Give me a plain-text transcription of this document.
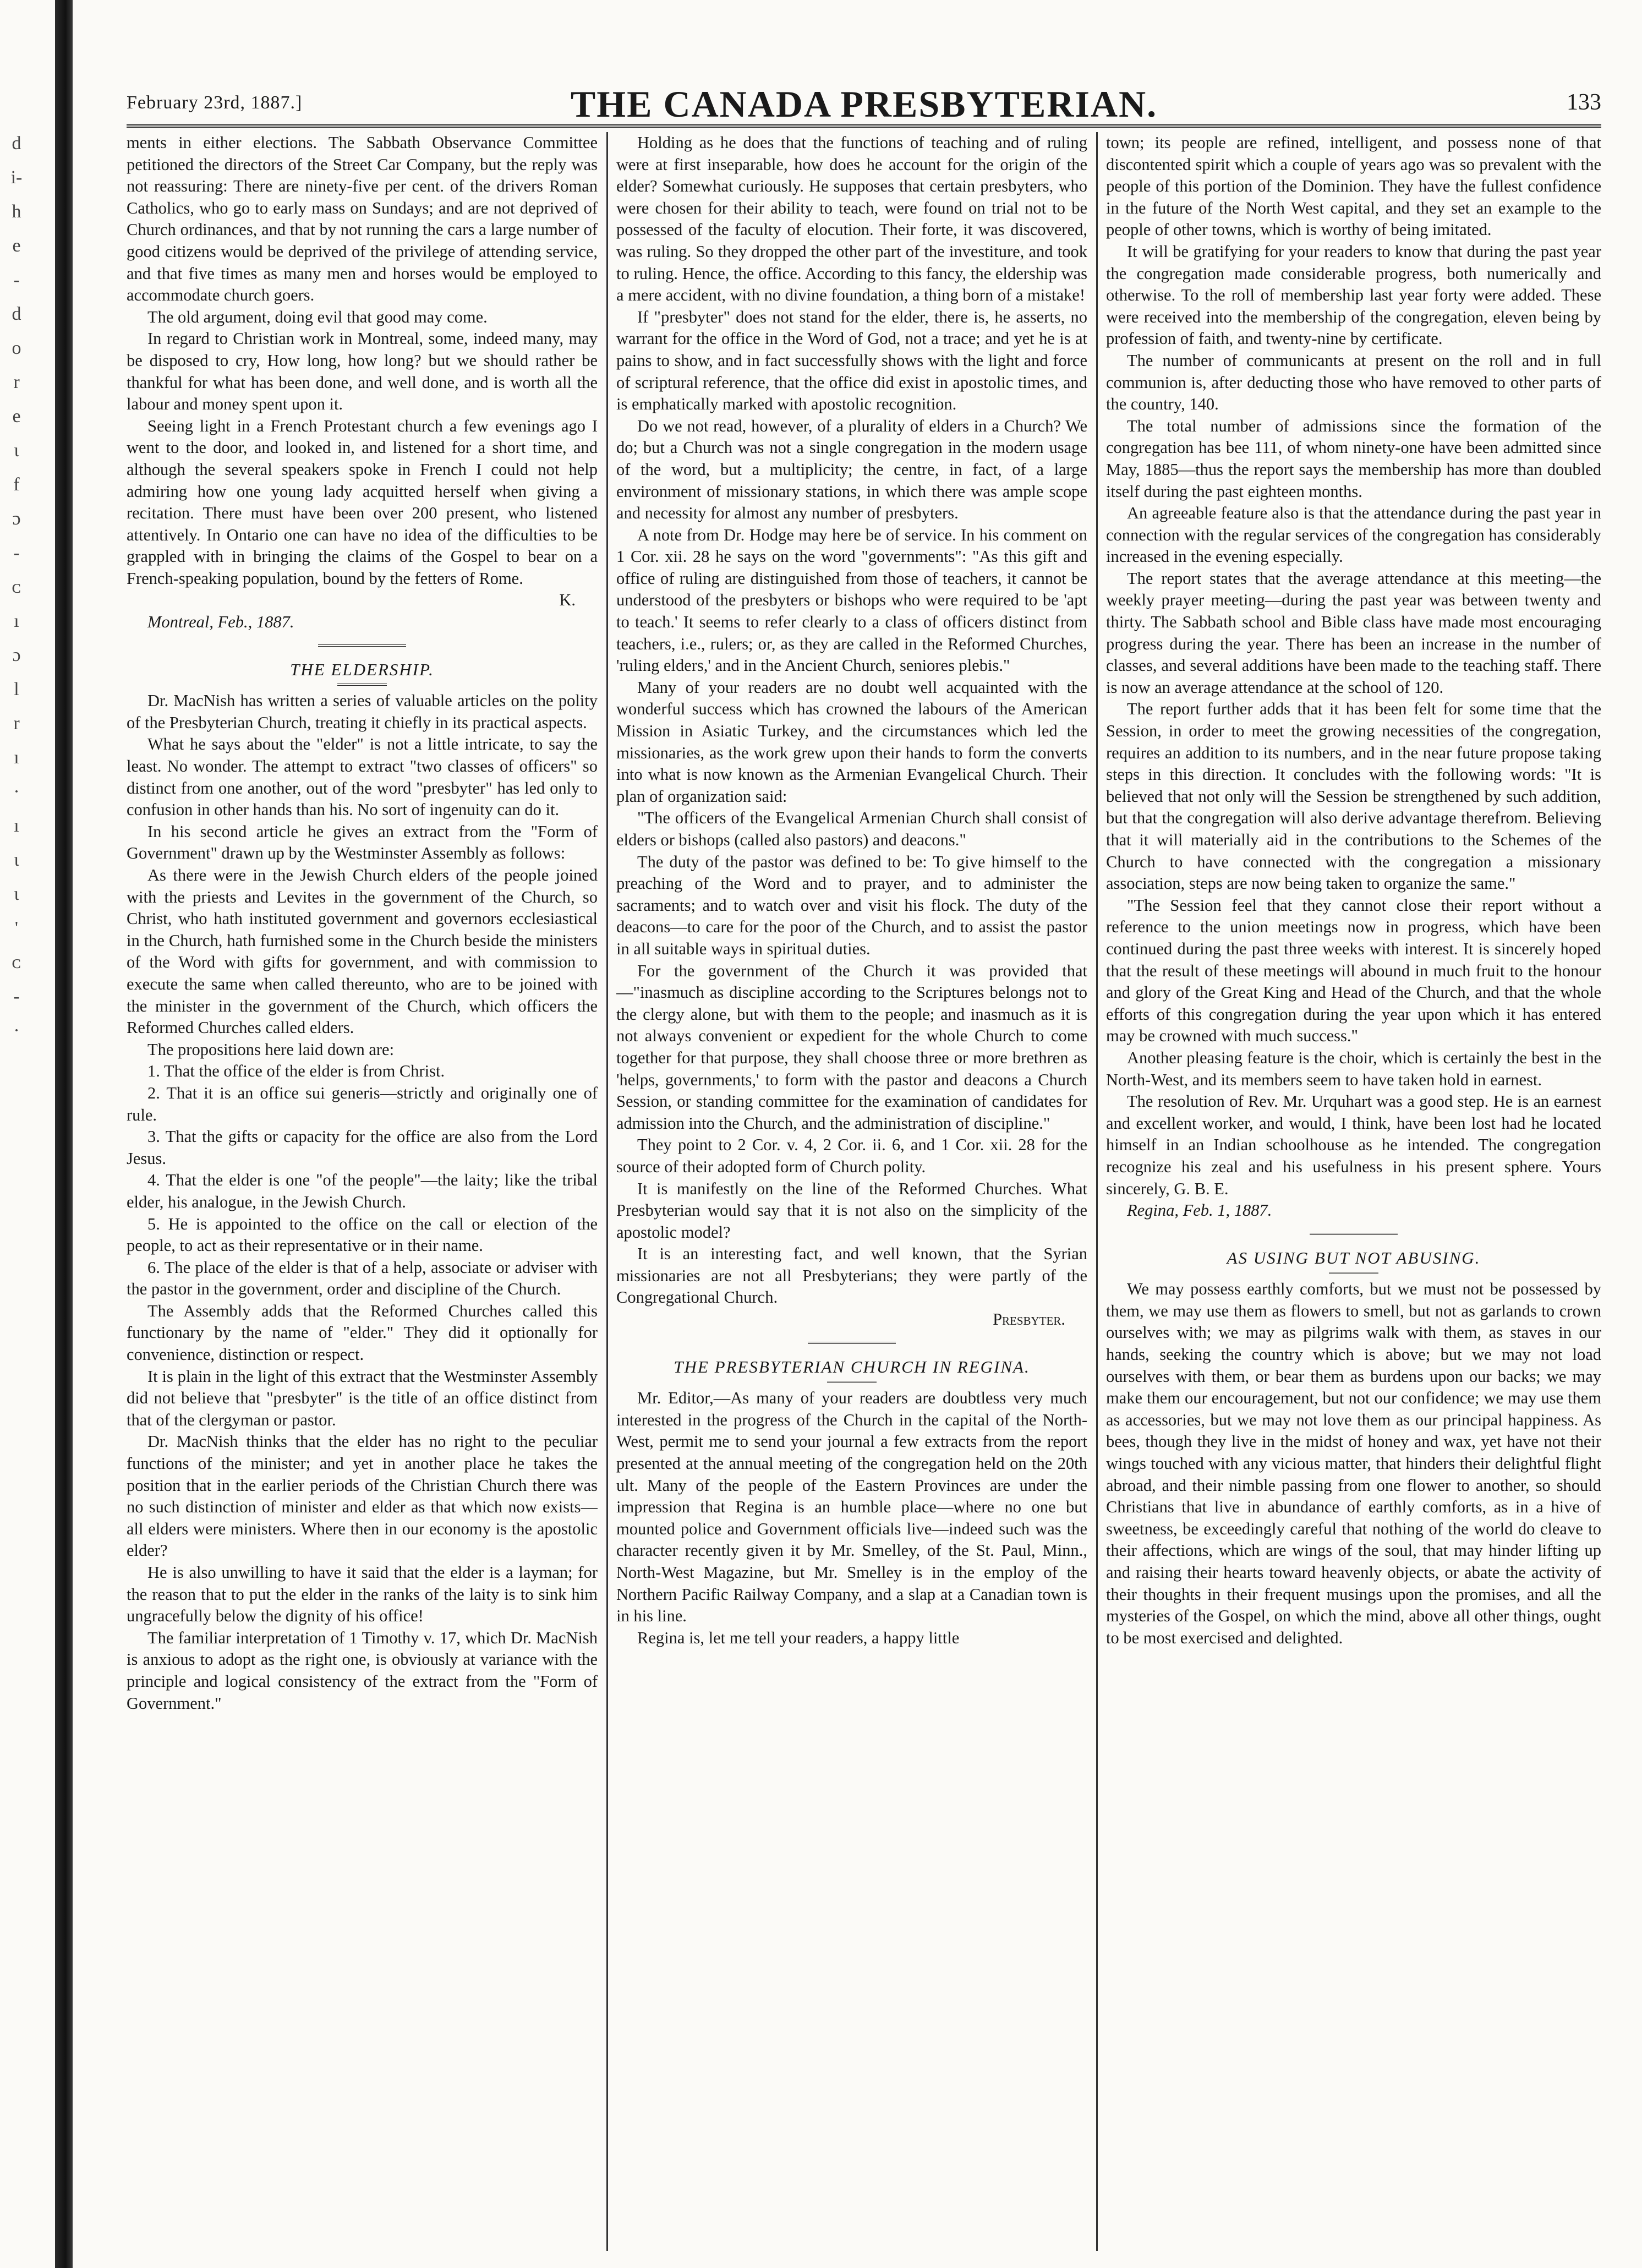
d
i-
h
e
-
d
o
r
e
ɩ
f
ɔ
-
ᴄ
ı
ɔ
l
r
ı
·
ı
ɩ
ɩ
'
ᴄ
-
·
February 23rd, 1887.]	THE CANADA PRESBYTERIAN.	133

ments in either elections. The Sabbath Observance Committee petitioned the directors of the Street Car Company, but the reply was not reassuring: There are ninety-five per cent. of the drivers Roman Catholics, who go to early mass on Sundays; and are not deprived of Church ordinances, and that by not running the cars a large number of good citizens would be deprived of the privilege of attending service, and that five times as many men and horses would be employed to accommodate church goers.

The old argument, doing evil that good may come.

In regard to Christian work in Montreal, some, indeed many, may be disposed to cry, How long, how long? but we should rather be thankful for what has been done, and well done, and is worth all the labour and money spent upon it.

Seeing light in a French Protestant church a few evenings ago I went to the door, and looked in, and listened for a short time, and although the several speakers spoke in French I could not help admiring how one young lady acquitted herself when giving a recitation. There must have been over 200 present, who listened attentively. In Ontario one can have no idea of the difficulties to be grappled with in bringing the claims of the Gospel to bear on a French-speaking population, bound by the fetters of Rome.

K.

Montreal, Feb., 1887.

THE ELDERSHIP.

Dr. MacNish has written a series of valuable articles on the polity of the Presbyterian Church, treating it chiefly in its practical aspects.

What he says about the "elder" is not a little intricate, to say the least. No wonder. The attempt to extract "two classes of officers" so distinct from one another, out of the word "presbyter" has led only to confusion in other hands than his. No sort of ingenuity can do it.

In his second article he gives an extract from the "Form of Government" drawn up by the Westminster Assembly as follows:

As there were in the Jewish Church elders of the people joined with the priests and Levites in the government of the Church, so Christ, who hath instituted government and governors ecclesiastical in the Church, hath furnished some in the Church beside the ministers of the Word with gifts for government, and with commission to execute the same when called thereunto, who are to be joined with the minister in the government of the Church, which officers the Reformed Churches called elders.

The propositions here laid down are:

1. That the office of the elder is from Christ.

2. That it is an office sui generis—strictly and originally one of rule.

3. That the gifts or capacity for the office are also from the Lord Jesus.

4. That the elder is one "of the people"—the laity; like the tribal elder, his analogue, in the Jewish Church.

5. He is appointed to the office on the call or election of the people, to act as their representative or in their name.

6. The place of the elder is that of a help, associate or adviser with the pastor in the government, order and discipline of the Church.

The Assembly adds that the Reformed Churches called this functionary by the name of "elder." They did it optionally for convenience, distinction or respect.

It is plain in the light of this extract that the Westminster Assembly did not believe that "presbyter" is the title of an office distinct from that of the clergyman or pastor.

Dr. MacNish thinks that the elder has no right to the peculiar functions of the minister; and yet in another place he takes the position that in the earlier periods of the Christian Church there was no such distinction of minister and elder as that which now exists—all elders were ministers. Where then in our economy is the apostolic elder?

He is also unwilling to have it said that the elder is a layman; for the reason that to put the elder in the ranks of the laity is to sink him ungracefully below the dignity of his office!

The familiar interpretation of 1 Timothy v. 17, which Dr. MacNish is anxious to adopt as the right one, is obviously at variance with the principle and logical consistency of the extract from the "Form of Government."

Holding as he does that the functions of teaching and of ruling were at first inseparable, how does he account for the origin of the elder? Somewhat curiously. He supposes that certain presbyters, who were chosen for their ability to teach, were found on trial not to be possessed of the faculty of elocution. Their forte, it was discovered, was ruling. So they dropped the other part of the investiture, and took to ruling. Hence, the office. According to this fancy, the eldership was a mere accident, with no divine foundation, a thing born of a mistake!

If "presbyter" does not stand for the elder, there is, he asserts, no warrant for the office in the Word of God, not a trace; and yet he is at pains to show, and in fact successfully shows with the light and force of scriptural reference, that the office did exist in apostolic times, and is emphatically marked with apostolic recognition.

Do we not read, however, of a plurality of elders in a Church? We do; but a Church was not a single congregation in the modern usage of the word, but a multiplicity; the centre, in fact, of a large environment of missionary stations, in which there was ample scope and necessity for almost any number of presbyters.

A note from Dr. Hodge may here be of service. In his comment on 1 Cor. xii. 28 he says on the word "governments": "As this gift and office of ruling are distinguished from those of teachers, it cannot be understood of the presbyters or bishops who were required to be 'apt to teach.' It seems to refer clearly to a class of officers distinct from teachers, i.e., rulers; or, as they are called in the Reformed Churches, 'ruling elders,' and in the Ancient Church, seniores plebis."

Many of your readers are no doubt well acquainted with the wonderful success which has crowned the labours of the American Mission in Asiatic Turkey, and the circumstances which led the missionaries, as the work grew upon their hands to form the converts into what is now known as the Armenian Evangelical Church. Their plan of organization said:

"The officers of the Evangelical Armenian Church shall consist of elders or bishops (called also pastors) and deacons."

The duty of the pastor was defined to be: To give himself to the preaching of the Word and to prayer, and to administer the sacraments; and to watch over and visit his flock. The duty of the deacons—to care for the poor of the Church, and to assist the pastor in all suitable ways in spiritual duties.

For the government of the Church it was provided that—"inasmuch as discipline according to the Scriptures belongs not to the clergy alone, but with them to the people; and inasmuch as it is not always convenient or expedient for the whole Church to come together for that purpose, they shall choose three or more brethren as 'helps, governments,' to form with the pastor and deacons a Church Session, or standing committee for the examination of candidates for admission into the Church, and the administration of discipline."

They point to 2 Cor. v. 4, 2 Cor. ii. 6, and 1 Cor. xii. 28 for the source of their adopted form of Church polity.

It is manifestly on the line of the Reformed Churches. What Presbyterian would say that it is not also on the simplicity of the apostolic model?

It is an interesting fact, and well known, that the Syrian missionaries are not all Presbyterians; they were partly of the Congregational Church.

Presbyter.

THE PRESBYTERIAN CHURCH IN REGINA.

Mr. Editor,—As many of your readers are doubtless very much interested in the progress of the Church in the capital of the North-West, permit me to send your journal a few extracts from the report presented at the annual meeting of the congregation held on the 20th ult. Many of the people of the Eastern Provinces are under the impression that Regina is an humble place—where no one but mounted police and Government officials live—indeed such was the character recently given it by Mr. Smelley, of the St. Paul, Minn., North-West Magazine, but Mr. Smelley is in the employ of the Northern Pacific Railway Company, and a slap at a Canadian town is in his line.

Regina is, let me tell your readers, a happy little

town; its people are refined, intelligent, and possess none of that discontented spirit which a couple of years ago was so prevalent with the people of this portion of the Dominion. They have the fullest confidence in the future of the North West capital, and they set an example to the people of other towns, which is worthy of being imitated.

It will be gratifying for your readers to know that during the past year the congregation made considerable progress, both numerically and otherwise. To the roll of membership last year forty were added. These were received into the membership of the congregation, eleven being by profession of faith, and twenty-nine by certificate.

The number of communicants at present on the roll and in full communion is, after deducting those who have removed to other parts of the country, 140.

The total number of admissions since the formation of the congregation has bee 111, of whom ninety-one have been admitted since May, 1885—thus the report says the membership has more than doubled itself during the past eighteen months.

An agreeable feature also is that the attendance during the past year in connection with the regular services of the congregation has considerably increased in the evening especially.

The report states that the average attendance at this meeting—the weekly prayer meeting—during the past year was between twenty and thirty. The Sabbath school and Bible class have made most encouraging progress during the year. There has been an increase in the number of classes, and several additions have been made to the teaching staff. There is now an average attendance at the school of 120.

The report further adds that it has been felt for some time that the Session, in order to meet the growing necessities of the congregation, requires an addition to its numbers, and in the near future propose taking steps in this direction. It concludes with the following words: "It is believed that not only will the Session be strengthened by such addition, but that the congregation will also derive advantage therefrom. Believing that it will materially aid in the contributions to the Schemes of the Church to have connected with the congregation a missionary association, steps are now being taken to organize the same."

"The Session feel that they cannot close their report without a reference to the union meetings now in progress, which have been continued during the past three weeks with interest. It is sincerely hoped that the result of these meetings will abound in much fruit to the honour and glory of the Great King and Head of the Church, and that the whole efforts of this congregation during the year upon which it has entered may be crowned with much success."

Another pleasing feature is the choir, which is certainly the best in the North-West, and its members seem to have taken hold in earnest.

The resolution of Rev. Mr. Urquhart was a good step. He is an earnest and excellent worker, and would, I think, have been lost had he located himself in an Indian schoolhouse as he intended. The congregation recognize his zeal and his usefulness in his present sphere. Yours sincerely, G. B. E.

Regina, Feb. 1, 1887.

AS USING BUT NOT ABUSING.

We may possess earthly comforts, but we must not be possessed by them, we may use them as flowers to smell, but not as garlands to crown ourselves with; we may as pilgrims walk with them, as staves in our hands, seeking the country which is above; but we may not load ourselves with them, or bear them as burdens upon our backs; we may make them our encouragement, but not our confidence; we may use them as accessories, but we may not love them as our principal happiness. As bees, though they live in the midst of honey and wax, yet have not their wings touched with any vicious matter, that hinders their delightful flight abroad, and their nimble passing from one flower to another, so should Christians that live in abundance of earthly comforts, as in a hive of sweetness, be exceedingly careful that nothing of the world do cleave to their affections, which are wings of the soul, that may hinder lifting up and raising their hearts toward heavenly objects, or abate the activity of their thoughts in their frequent musings upon the promises, and all the mysteries of the Gospel, on which the mind, above all other things, ought to be most exercised and delighted.
